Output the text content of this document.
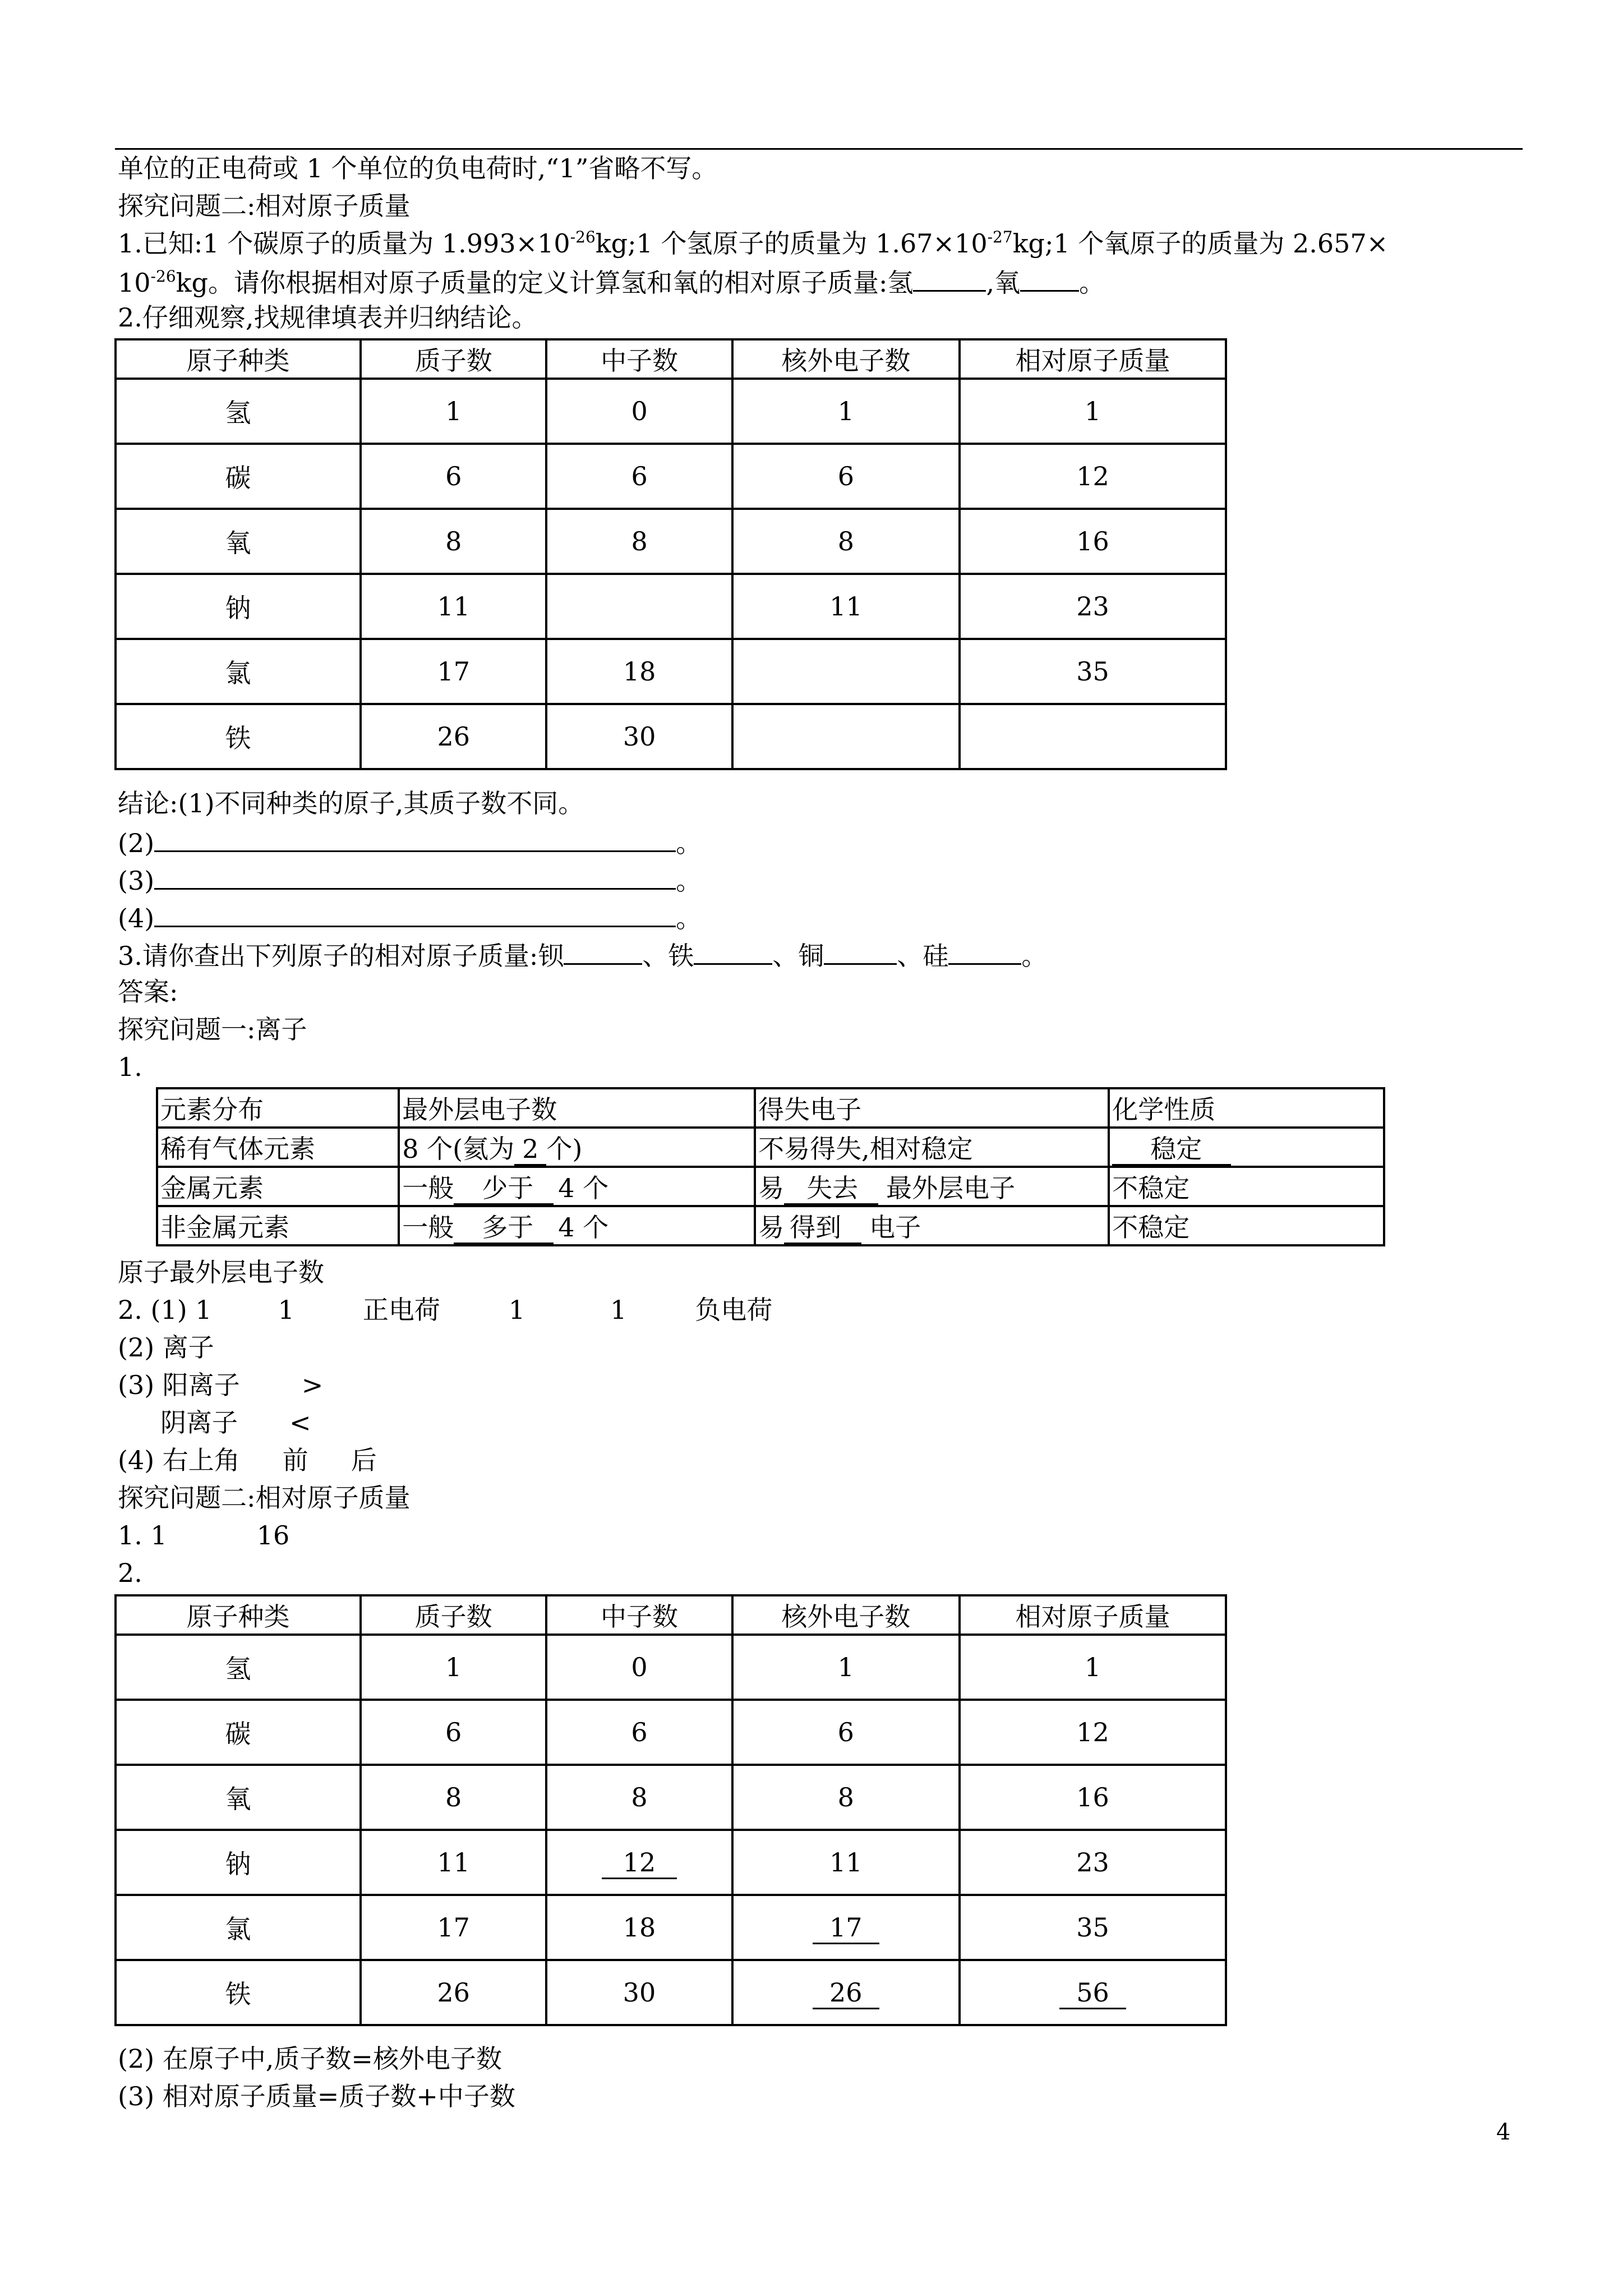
单位的正电荷或 1 个单位的负电荷时,“1”省略不写。
探究问题二:相对原子质量
1.已知:1 个碳原子的质量为 $1.993\times 10^{-26}kg;1$ 个氢原子的质量为 $1.67\times 10^{-27}kg;1$ 个氧原子的质量为 2.657×
$10^{-26}kg$。请你根据相对原子质量的定义计算氢和氧的相对原子质量:氢	,氧 。
2.仔细观察,找规律填表并归纳结论。
原子种类	质子数	中子数	核外电子数	相对原子质量
氢	1	0	1	1
碳	6	6	6	12
氧	8	8	8	16
钠	11		11	23
氯	17	18		35
铁	26	30		
结论:(1)不同种类的原子,其质子数不同。
(2)	。
(3)	。
(4)	。
3.请你查出下列原子的相对原子质量:钡	、铁	、铜	、硅	。
答案:
探究问题一:离子
1.
元素分布	最外层电子数	得失电子	化学性质
稀有气体元素	8 个(氦为 2 个)	不易得失,相对稳定	稳定
金属元素	一般 少于 4 个	易 失去 最外层电子	不稳定
非金属元素	一般 多于 4 个	易 得到 电子	不稳定
原子最外层电子数
2. (1) 1	1	正电荷	1	1	负电荷
(2) 离子
(3) 阳离子 >
阴离子 <
(4) 右上角 前 后
探究问题二:相对原子质量
1. 1	16
2.
原子种类	质子数	中子数	核外电子数	相对原子质量
氢	1	0	1	1
碳	6	6	6	12
氧	8	8	8	16
钠	11	12	11	23
氯	17	18	17	35
铁	26	30	26	56
(2) 在原子中,质子数=核外电子数
(3) 相对原子质量=质子数+中子数
4
